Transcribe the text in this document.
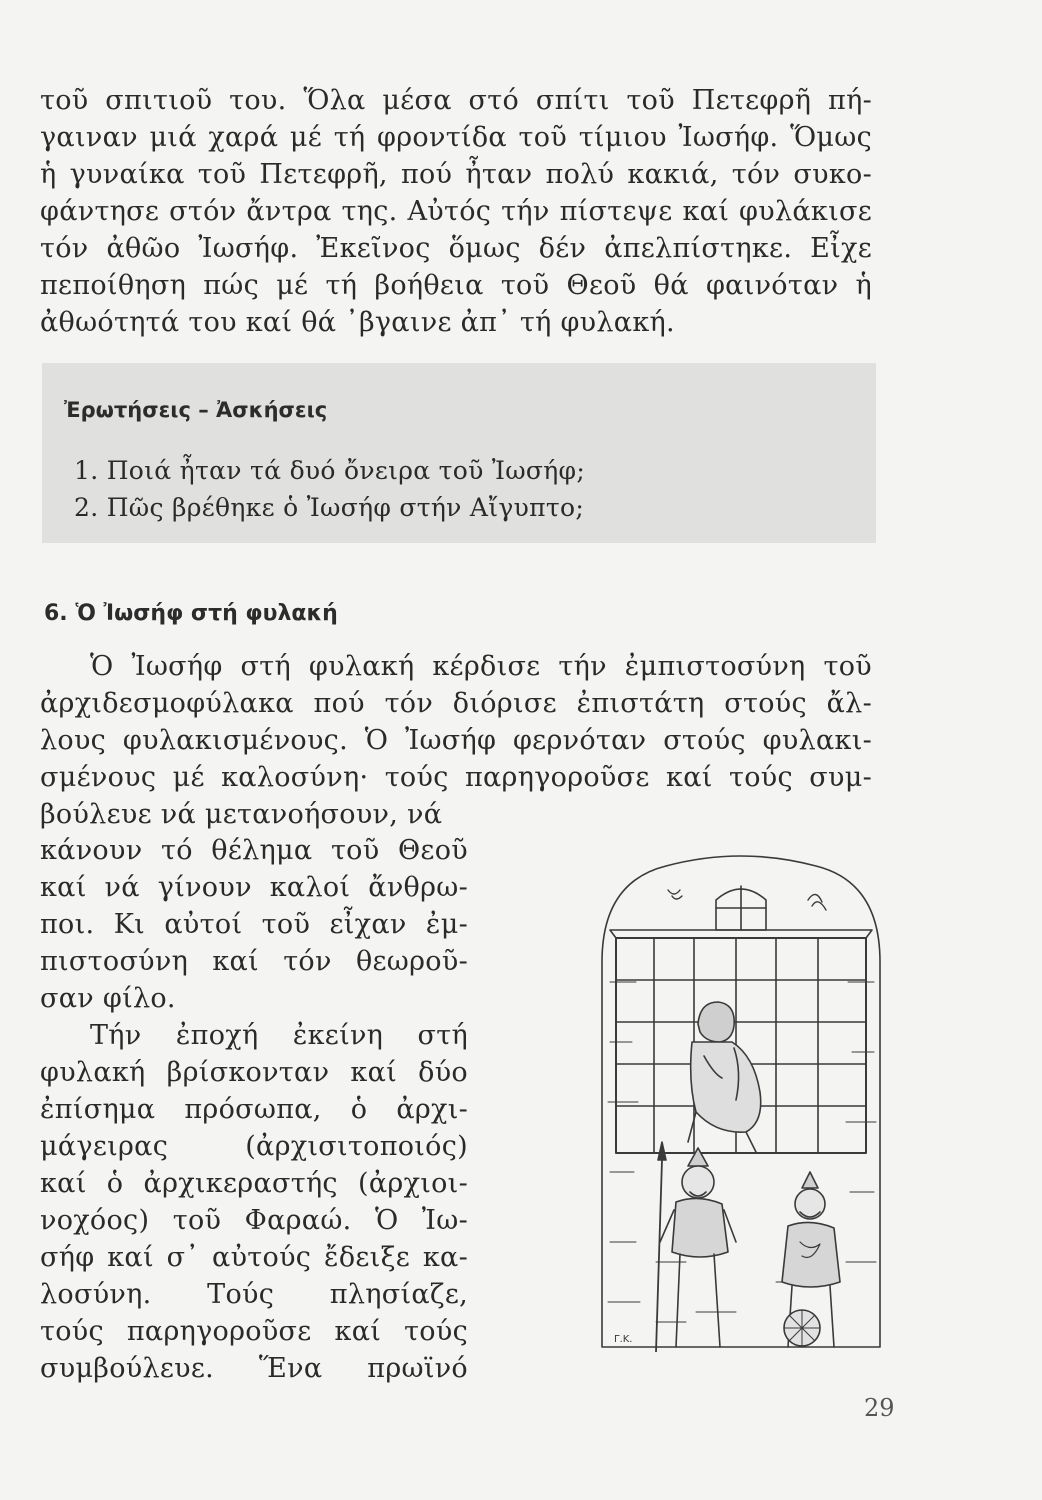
τοῦ σπιτιοῦ του. Ὅλα μέσα στό σπίτι τοῦ Πετεφρῆ πή-
γαιναν μιά χαρά μέ τή φροντίδα τοῦ τίμιου Ἰωσήφ. Ὅμως
ἡ γυναίκα τοῦ Πετεφρῆ, πού ἦταν πολύ κακιά, τόν συκο-
φάντησε στόν ἄντρα της. Αὐτός τήν πίστεψε καί φυλάκισε
τόν ἀθῶο Ἰωσήφ. Ἐκεῖνος ὅμως δέν ἀπελπίστηκε. Εἶχε
πεποίθηση πώς μέ τή βοήθεια τοῦ Θεοῦ θά φαινόταν ἡ
ἀθωότητά του καί θά ᾿βγαινε ἀπ᾿ τή φυλακή.
Ἐρωτήσεις – Ἀσκήσεις
1. Ποιά ἦταν τά δυό ὄνειρα τοῦ Ἰωσήφ;
2. Πῶς βρέθηκε ὁ Ἰωσήφ στήν Αἴγυπτο;
6. Ὁ Ἰωσήφ στή φυλακή
Ὁ Ἰωσήφ στή φυλακή κέρδισε τήν ἐμπιστοσύνη τοῦ
ἀρχιδεσμοφύλακα πού τόν διόρισε ἐπιστάτη στούς ἄλ-
λους φυλακισμένους. Ὁ Ἰωσήφ φερνόταν στούς φυλακι-
σμένους μέ καλοσύνη· τούς παρηγοροῦσε καί τούς συμ-
βούλευε νά μετανοήσουν, νά
κάνουν τό θέλημα τοῦ Θεοῦ
καί νά γίνουν καλοί ἄνθρω-
ποι. Κι αὐτοί τοῦ εἶχαν ἐμ-
πιστοσύνη καί τόν θεωροῦ-
σαν φίλο.
Τήν ἐποχή ἐκείνη στή
φυλακή βρίσκονταν καί δύο
ἐπίσημα πρόσωπα, ὁ ἀρχι-
μάγειρας (ἀρχισιτοποιός)
καί ὁ ἀρχικεραστής (ἀρχιοι-
νοχόος) τοῦ Φαραώ. Ὁ Ἰω-
σήφ καί σ᾿ αὐτούς ἔδειξε κα-
λοσύνη. Τούς πλησίαζε,
τούς παρηγοροῦσε καί τούς
συμβούλευε. Ἕνα πρωϊνό
Γ.Κ.
29
